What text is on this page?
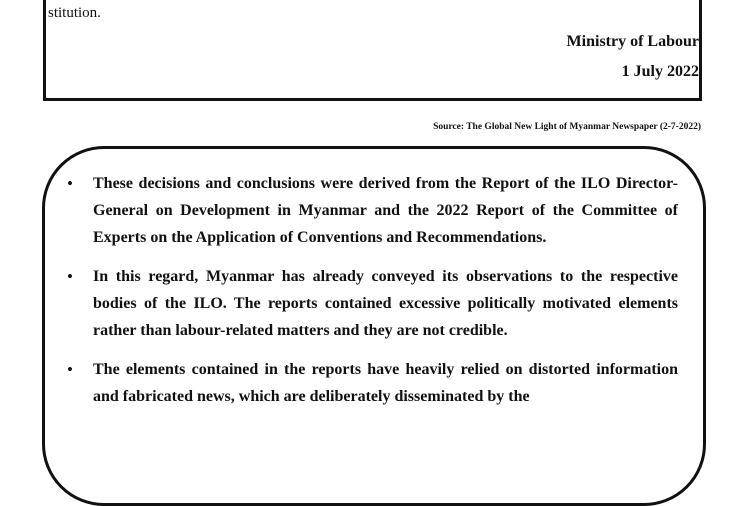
stitution.
Ministry of Labour
1 July 2022
Source: The Global New Light of Myanmar Newspaper (2-7-2022)
•	These decisions and conclusions were derived from the Report of the ILO Director-General on Development in Myanmar and the 2022 Report of the Committee of Experts on the Application of Conventions and Recommendations.
•	In this regard, Myanmar has already conveyed its observations to the respective bodies of the ILO. The reports contained excessive politically motivated elements rather than labour-related matters and they are not credible.
•	The elements contained in the reports have heavily relied on distorted information and fabricated news, which are deliberately disseminated by the
